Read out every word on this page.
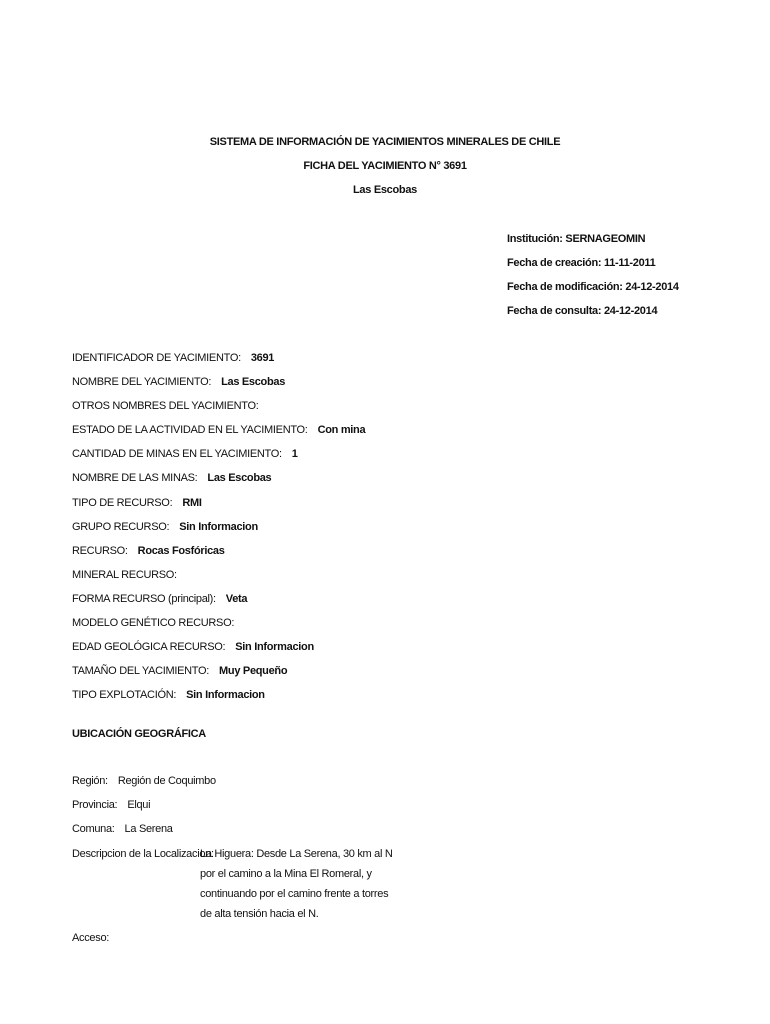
SISTEMA DE INFORMACIÓN DE YACIMIENTOS MINERALES DE CHILE
FICHA DEL YACIMIENTO N° 3691
Las Escobas
Institución: SERNAGEOMIN
Fecha de creación: 11-11-2011
Fecha de modificación: 24-12-2014
Fecha de consulta: 24-12-2014
IDENTIFICADOR DE YACIMIENTO: 3691
NOMBRE DEL YACIMIENTO: Las Escobas
OTROS NOMBRES DEL YACIMIENTO:
ESTADO DE LA ACTIVIDAD EN EL YACIMIENTO: Con mina
CANTIDAD DE MINAS EN EL YACIMIENTO: 1
NOMBRE DE LAS MINAS: Las Escobas
TIPO DE RECURSO: RMI
GRUPO RECURSO: Sin Informacion
RECURSO: Rocas Fosfóricas
MINERAL RECURSO:
FORMA RECURSO (principal): Veta
MODELO GENÉTICO RECURSO:
EDAD GEOLÓGICA RECURSO: Sin Informacion
TAMAÑO DEL YACIMIENTO: Muy Pequeño
TIPO EXPLOTACIÓN: Sin Informacion
UBICACIÓN GEOGRÁFICA
Región: Región de Coquimbo
Provincia: Elqui
Comuna: La Serena
Descripcion de la Localizacion:
La Higuera: Desde La Serena, 30 km al N por el camino a la Mina El Romeral, y continuando por el camino frente a torres de alta tensión hacia el N.
Acceso:
